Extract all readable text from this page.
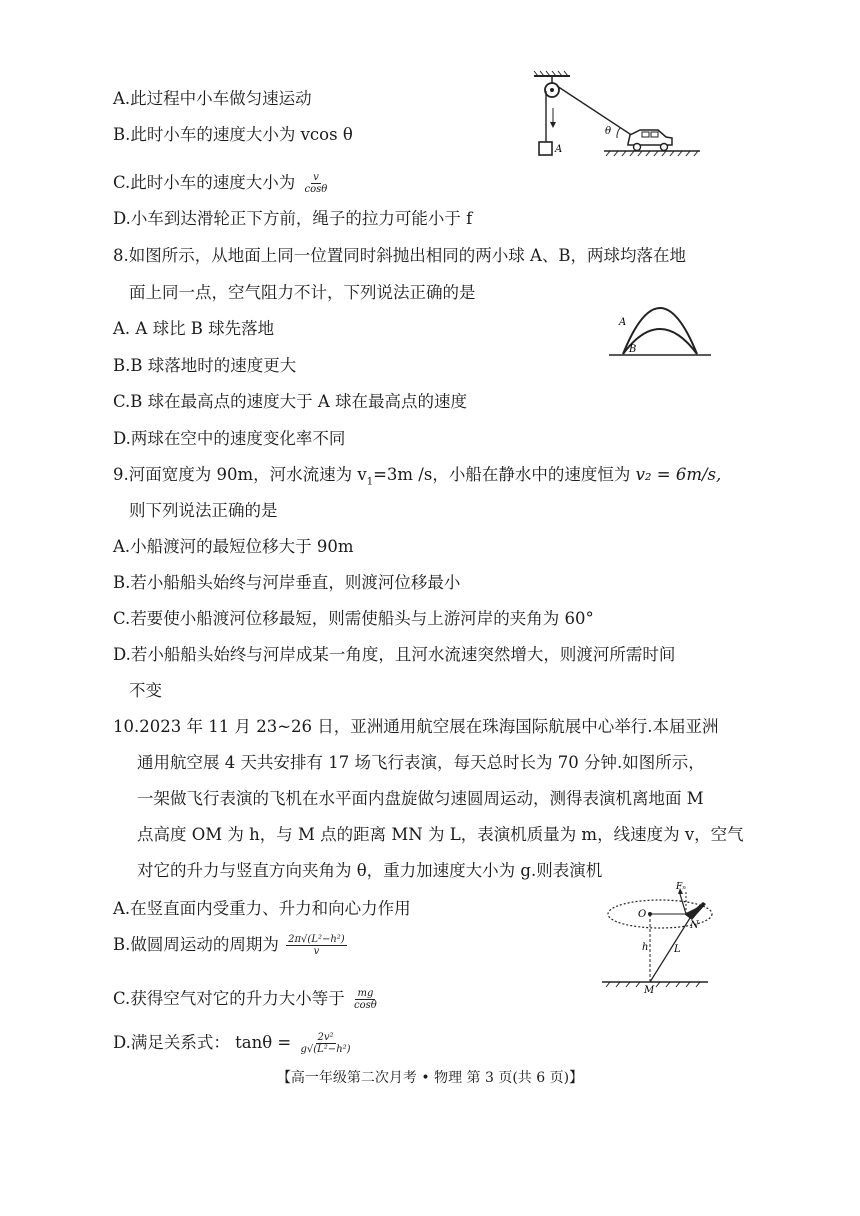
A.此过程中小车做匀速运动
B.此时小车的速度大小为 vcos θ
C.此时小车的速度大小为 $\frac{v}{\cos\theta}$
D.小车到达滑轮正下方前，绳子的拉力可能小于 f
A
θ
8.如图所示，从地面上同一位置同时斜抛出相同的两小球 A、B，两球均落在地
面上同一点，空气阻力不计，下列说法正确的是
A. A 球比 B 球先落地
B.B 球落地时的速度更大
C.B 球在最高点的速度大于 A 球在最高点的速度
D.两球在空中的速度变化率不同
A
B
9.河面宽度为 90m，河水流速为 $v_1=3m$ /s，小船在静水中的速度恒为 v₂ = 6m/s,
则下列说法正确的是
A.小船渡河的最短位移大于 90m
B.若小船船头始终与河岸垂直，则渡河位移最小
C.若要使小船渡河位移最短，则需使船头与上游河岸的夹角为 60°
D.若小船船头始终与河岸成某一角度，且河水流速突然增大，则渡河所需时间
不变
10.2023 年 11 月 23~26 日，亚洲通用航空展在珠海国际航展中心举行.本届亚洲
通用航空展 4 天共安排有 17 场飞行表演，每天总时长为 70 分钟.如图所示，
一架做飞行表演的飞机在水平面内盘旋做匀速圆周运动，测得表演机离地面 M
点高度 OM 为 h，与 M 点的距离 MN 为 L，表演机质量为 m，线速度为 v，空气
对它的升力与竖直方向夹角为 θ，重力加速度大小为 g.则表演机
A.在竖直面内受重力、升力和向心力作用
B.做圆周运动的周期为 $\frac{\text{2π√(L²−h²)}}{v}$
C.获得空气对它的升力大小等于 $\frac{mg}{\cos\theta}$
D.满足关系式： $\tan\theta = \frac{\text{2v²}}{\text{g√(L²−h²)}}$
Fₙ
O
N
h	L
M
【高一年级第二次月考 • 物理 第 3 页(共 6 页)】
